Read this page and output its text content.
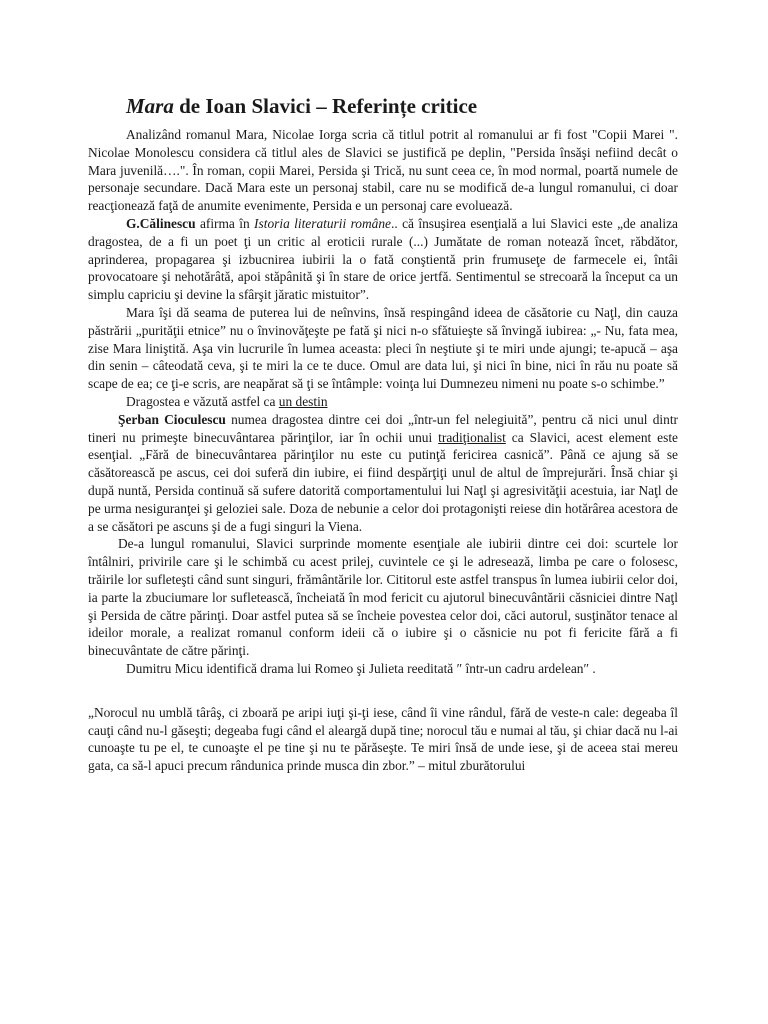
Mara de Ioan Slavici – Referințe critice

Analizând romanul Mara, Nicolae Iorga scria că titlul potrit al romanului ar fi fost "Copii Marei ". Nicolae Monolescu considera că titlul ales de Slavici se justifică pe deplin, "Persida însăşi nefiind decât o Mara juvenilă….". În roman, copii Marei, Persida şi Trică, nu sunt ceea ce, în mod normal, poartă numele de personaje secundare. Dacă Mara este un personaj stabil, care nu se modifică de-a lungul romanului, ci doar reacţionează faţă de anumite evenimente, Persida e un personaj care evoluează.

G.Călinescu afirma în Istoria literaturii române.. că însuşirea esenţială a lui Slavici este „de analiza dragostea, de a fi un poet ţi un critic al eroticii rurale (...) Jumătate de roman notează încet, răbdător, aprinderea, propagarea şi izbucnirea iubirii la o fată conştientă prin frumuseţe de farmecele ei, întâi provocatoare şi nehotărâtă, apoi stăpânită şi în stare de orice jertfă. Sentimentul se strecoară la început ca un simplu capriciu şi devine la sfârşit jăratic mistuitor”.

Mara îşi dă seama de puterea lui de neînvins, însă respingând ideea de căsătorie cu Naţl, din cauza păstrării „purităţii etnice” nu o învinovăţeşte pe fată şi nici n-o sfătuieşte să învingă iubirea: „- Nu, fata mea, zise Mara liniştită. Aşa vin lucrurile în lumea aceasta: pleci în neştiute şi te miri unde ajungi; te-apucă – aşa din senin – câteodată ceva, şi te miri la ce te duce. Omul are data lui, şi nici în bine, nici în rău nu poate să scape de ea; ce ţi-e scris, are neapărat să ţi se întâmple: voinţa lui Dumnezeu nimeni nu poate s-o schimbe.”

Dragostea e văzută astfel ca un destin

Şerban Cioculescu numea dragostea dintre cei doi „într-un fel nelegiuită”, pentru că nici unul dintr tineri nu primeşte binecuvântarea părinţilor, iar în ochii unui tradiţionalist ca Slavici, acest element este esenţial. „Fără de binecuvântarea părinţilor nu este cu putinţă fericirea casnică”. Până ce ajung să se căsătorească pe ascus, cei doi suferă din iubire, ei fiind despărţiţi unul de altul de împrejurări. Însă chiar şi după nuntă, Persida continuă să sufere datorită comportamentului lui Naţl şi agresivităţii acestuia, iar Naţl de pe urma nesiguranţei şi geloziei sale. Doza de nebunie a celor doi protagonişti reiese din hotărârea acestora de a se căsători pe ascuns şi de a fugi singuri la Viena.

De-a lungul romanului, Slavici surprinde momente esenţiale ale iubirii dintre cei doi: scurtele lor întâlniri, privirile care şi le schimbă cu acest prilej, cuvintele ce şi le adresează, limba pe care o folosesc, trăirile lor sufleteşti când sunt singuri, frământările lor. Cititorul este astfel transpus în lumea iubirii celor doi, ia parte la zbuciumare lor sufletească, încheiată în mod fericit cu ajutorul binecuvântării căsniciei dintre Naţl şi Persida de către părinţi. Doar astfel putea să se încheie povestea celor doi, căci autorul, susţinător tenace al ideilor morale, a realizat romanul conform ideii că o iubire şi o căsnicie nu pot fi fericite fără a fi binecuvântate de către părinţi.

Dumitru Micu identifică drama lui Romeo şi Julieta reeditată ″ într-un cadru ardelean″ .

„Norocul nu umblă târâş, ci zboară pe aripi iuţi şi-ţi iese, când îi vine rândul, fără de veste-n cale: degeaba îl cauţi când nu-l găseşti; degeaba fugi când el aleargă după tine; norocul tău e numai al tău, şi chiar dacă nu l-ai cunoaşte tu pe el, te cunoaşte el pe tine şi nu te părăseşte. Te miri însă de unde iese, şi de aceea stai mereu gata, ca să-l apuci precum rândunica prinde musca din zbor.” – mitul zburătorului
